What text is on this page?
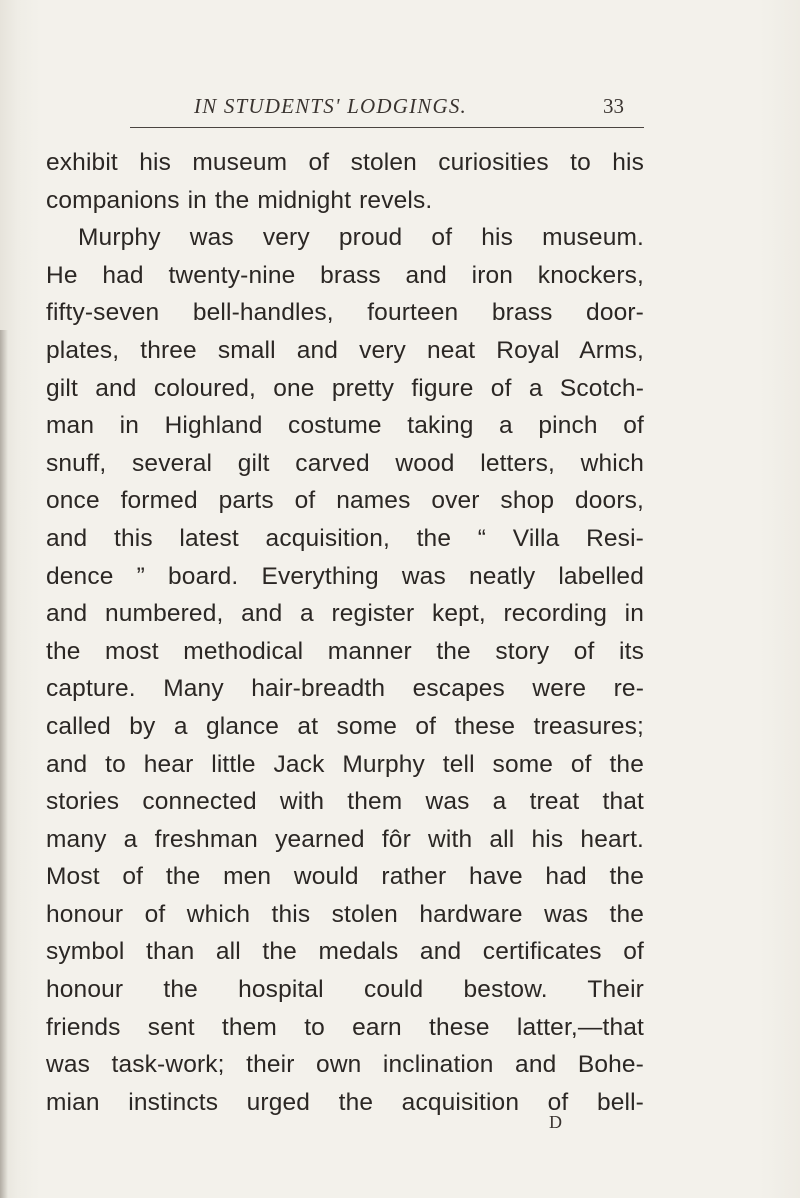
IN STUDENTS' LODGINGS.	33
exhibit his museum of stolen curiosities to his
companions in the midnight revels.
Murphy was very proud of his museum.
He had twenty-nine brass and iron knockers,
fifty-seven bell-handles, fourteen brass door-
plates, three small and very neat Royal Arms,
gilt and coloured, one pretty figure of a Scotch-
man in Highland costume taking a pinch of
snuff, several gilt carved wood letters, which
once formed parts of names over shop doors,
and this latest acquisition, the “ Villa Resi-
dence ” board. Everything was neatly labelled
and numbered, and a register kept, recording in
the most methodical manner the story of its
capture. Many hair-breadth escapes were re-
called by a glance at some of these treasures;
and to hear little Jack Murphy tell some of the
stories connected with them was a treat that
many a freshman yearned fôr with all his heart.
Most of the men would rather have had the
honour of which this stolen hardware was the
symbol than all the medals and certificates of
honour the hospital could bestow. Their
friends sent them to earn these latter,—that
was task-work; their own inclination and Bohe-
mian instincts urged the acquisition of bell-
D
